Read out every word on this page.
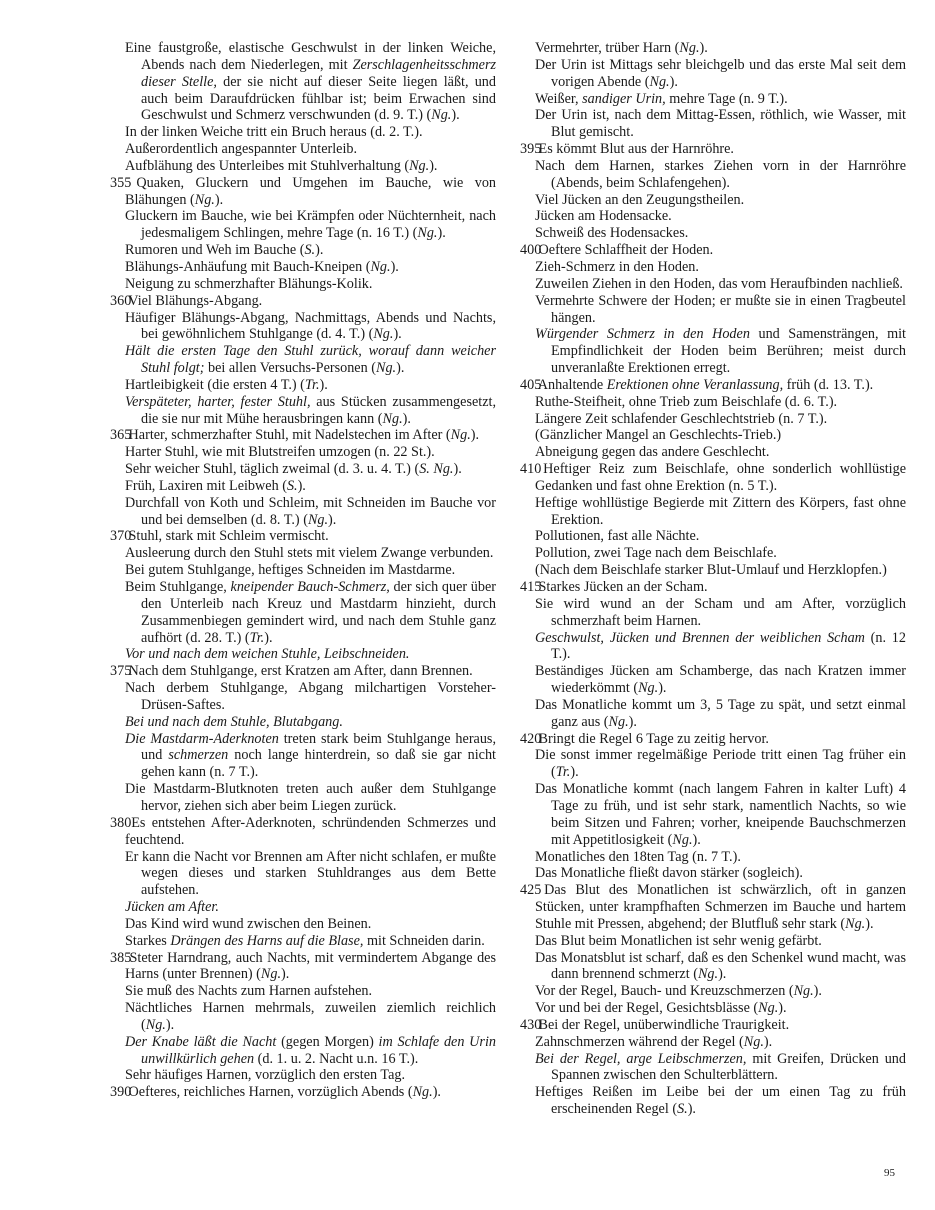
Eine faustgroße, elastische Geschwulst in der linken Weiche, Abends nach dem Niederlegen, mit Zerschlagenheitsschmerz dieser Stelle, der sie nicht auf dieser Seite liegen läßt, und auch beim Daraufdrücken fühlbar ist; beim Erwachen sind Geschwulst und Schmerz verschwunden (d. 9. T.) (Ng.).

In der linken Weiche tritt ein Bruch heraus (d. 2. T.).

Außerordentlich angespannter Unterleib.

Aufblähung des Unterleibes mit Stuhlverhaltung (Ng.).

355 Quaken, Gluckern und Umgehen im Bauche, wie von Blähungen (Ng.).

Gluckern im Bauche, wie bei Krämpfen oder Nüchternheit, nach jedesmaligem Schlingen, mehre Tage (n. 16 T.) (Ng.).

Rumoren und Weh im Bauche (S.).

Blähungs-Anhäufung mit Bauch-Kneipen (Ng.).

Neigung zu schmerzhafter Blähungs-Kolik.

360 Viel Blähungs-Abgang.

Häufiger Blähungs-Abgang, Nachmittags, Abends und Nachts, bei gewöhnlichem Stuhlgange (d. 4. T.) (Ng.).

Hält die ersten Tage den Stuhl zurück, worauf dann weicher Stuhl folgt; bei allen Versuchs-Personen (Ng.).

Hartleibigkeit (die ersten 4 T.) (Tr.).

Verspäteter, harter, fester Stuhl, aus Stücken zusammengesetzt, die sie nur mit Mühe herausbringen kann (Ng.).

365 Harter, schmerzhafter Stuhl, mit Nadelstechen im After (Ng.).

Harter Stuhl, wie mit Blutstreifen umzogen (n. 22 St.).

Sehr weicher Stuhl, täglich zweimal (d. 3. u. 4. T.) (S. Ng.).

Früh, Laxiren mit Leibweh (S.).

Durchfall von Koth und Schleim, mit Schneiden im Bauche vor und bei demselben (d. 8. T.) (Ng.).

370 Stuhl, stark mit Schleim vermischt.

Ausleerung durch den Stuhl stets mit vielem Zwange verbunden.

Bei gutem Stuhlgange, heftiges Schneiden im Mastdarme.

Beim Stuhlgange, kneipender Bauch-Schmerz, der sich quer über den Unterleib nach Kreuz und Mastdarm hinzieht, durch Zusammenbiegen gemindert wird, und nach dem Stuhle ganz aufhört (d. 28. T.) (Tr.).

Vor und nach dem weichen Stuhle, Leibschneiden.

375 Nach dem Stuhlgange, erst Kratzen am After, dann Brennen.

Nach derbem Stuhlgange, Abgang milchartigen Vorsteher-Drüsen-Saftes.

Bei und nach dem Stuhle, Blutabgang.

Die Mastdarm-Aderknoten treten stark beim Stuhlgange heraus, und schmerzen noch lange hinterdrein, so daß sie gar nicht gehen kann (n. 7 T.).

Die Mastdarm-Blutknoten treten auch außer dem Stuhlgange hervor, ziehen sich aber beim Liegen zurück.

380 Es entstehen After-Aderknoten, schründenden Schmerzes und feuchtend.

Er kann die Nacht vor Brennen am After nicht schlafen, er mußte wegen dieses und starken Stuhldranges aus dem Bette aufstehen.

Jücken am After.

Das Kind wird wund zwischen den Beinen.

Starkes Drängen des Harns auf die Blase, mit Schneiden darin.

385 Steter Harndrang, auch Nachts, mit vermindertem Abgange des Harns (unter Brennen) (Ng.).

Sie muß des Nachts zum Harnen aufstehen.

Nächtliches Harnen mehrmals, zuweilen ziemlich reichlich (Ng.).

Der Knabe läßt die Nacht (gegen Morgen) im Schlafe den Urin unwillkürlich gehen (d. 1. u. 2. Nacht u.n. 16 T.).

Sehr häufiges Harnen, vorzüglich den ersten Tag.

390 Oefteres, reichliches Harnen, vorzüglich Abends (Ng.).

Vermehrter, trüber Harn (Ng.).

Der Urin ist Mittags sehr bleichgelb und das erste Mal seit dem vorigen Abende (Ng.).

Weißer, sandiger Urin, mehre Tage (n. 9 T.).

Der Urin ist, nach dem Mittag-Essen, röthlich, wie Wasser, mit Blut gemischt.

395 Es kömmt Blut aus der Harnröhre.

Nach dem Harnen, starkes Ziehen vorn in der Harnröhre (Abends, beim Schlafengehen).

Viel Jücken an den Zeugungstheilen.

Jücken am Hodensacke.

Schweiß des Hodensackes.

400 Oeftere Schlaffheit der Hoden.

Zieh-Schmerz in den Hoden.

Zuweilen Ziehen in den Hoden, das vom Heraufbinden nachließ.

Vermehrte Schwere der Hoden; er mußte sie in einen Tragbeutel hängen.

Würgender Schmerz in den Hoden und Samensträngen, mit Empfindlichkeit der Hoden beim Berühren; meist durch unveranlaßte Erektionen erregt.

405 Anhaltende Erektionen ohne Veranlassung, früh (d. 13. T.).

Ruthe-Steifheit, ohne Trieb zum Beischlafe (d. 6. T.).

Längere Zeit schlafender Geschlechtstrieb (n. 7 T.).

(Gänzlicher Mangel an Geschlechts-Trieb.)

Abneigung gegen das andere Geschlecht.

410 Heftiger Reiz zum Beischlafe, ohne sonderlich wohllüstige Gedanken und fast ohne Erektion (n. 5 T.).

Heftige wohllüstige Begierde mit Zittern des Körpers, fast ohne Erektion.

Pollutionen, fast alle Nächte.

Pollution, zwei Tage nach dem Beischlafe.

(Nach dem Beischlafe starker Blut-Umlauf und Herzklopfen.)

415 Starkes Jücken an der Scham.

Sie wird wund an der Scham und am After, vorzüglich schmerzhaft beim Harnen.

Geschwulst, Jücken und Brennen der weiblichen Scham (n. 12 T.).

Beständiges Jücken am Schamberge, das nach Kratzen immer wiederkömmt (Ng.).

Das Monatliche kommt um 3, 5 Tage zu spät, und setzt einmal ganz aus (Ng.).

420 Bringt die Regel 6 Tage zu zeitig hervor.

Die sonst immer regelmäßige Periode tritt einen Tag früher ein (Tr.).

Das Monatliche kommt (nach langem Fahren in kalter Luft) 4 Tage zu früh, und ist sehr stark, namentlich Nachts, so wie beim Sitzen und Fahren; vorher, kneipende Bauchschmerzen mit Appetitlosigkeit (Ng.).

Monatliches den 18ten Tag (n. 7 T.).

Das Monatliche fließt davon stärker (sogleich).

425 Das Blut des Monatlichen ist schwärzlich, oft in ganzen Stücken, unter krampfhaften Schmerzen im Bauche und hartem Stuhle mit Pressen, abgehend; der Blutfluß sehr stark (Ng.).

Das Blut beim Monatlichen ist sehr wenig gefärbt.

Das Monatsblut ist scharf, daß es den Schenkel wund macht, was dann brennend schmerzt (Ng.).

Vor der Regel, Bauch- und Kreuzschmerzen (Ng.).

Vor und bei der Regel, Gesichtsblässe (Ng.).

430 Bei der Regel, unüberwindliche Traurigkeit.

Zahnschmerzen während der Regel (Ng.).

Bei der Regel, arge Leibschmerzen, mit Greifen, Drücken und Spannen zwischen den Schulterblättern.

Heftiges Reißen im Leibe bei der um einen Tag zu früh erscheinenden Regel (S.).

95
